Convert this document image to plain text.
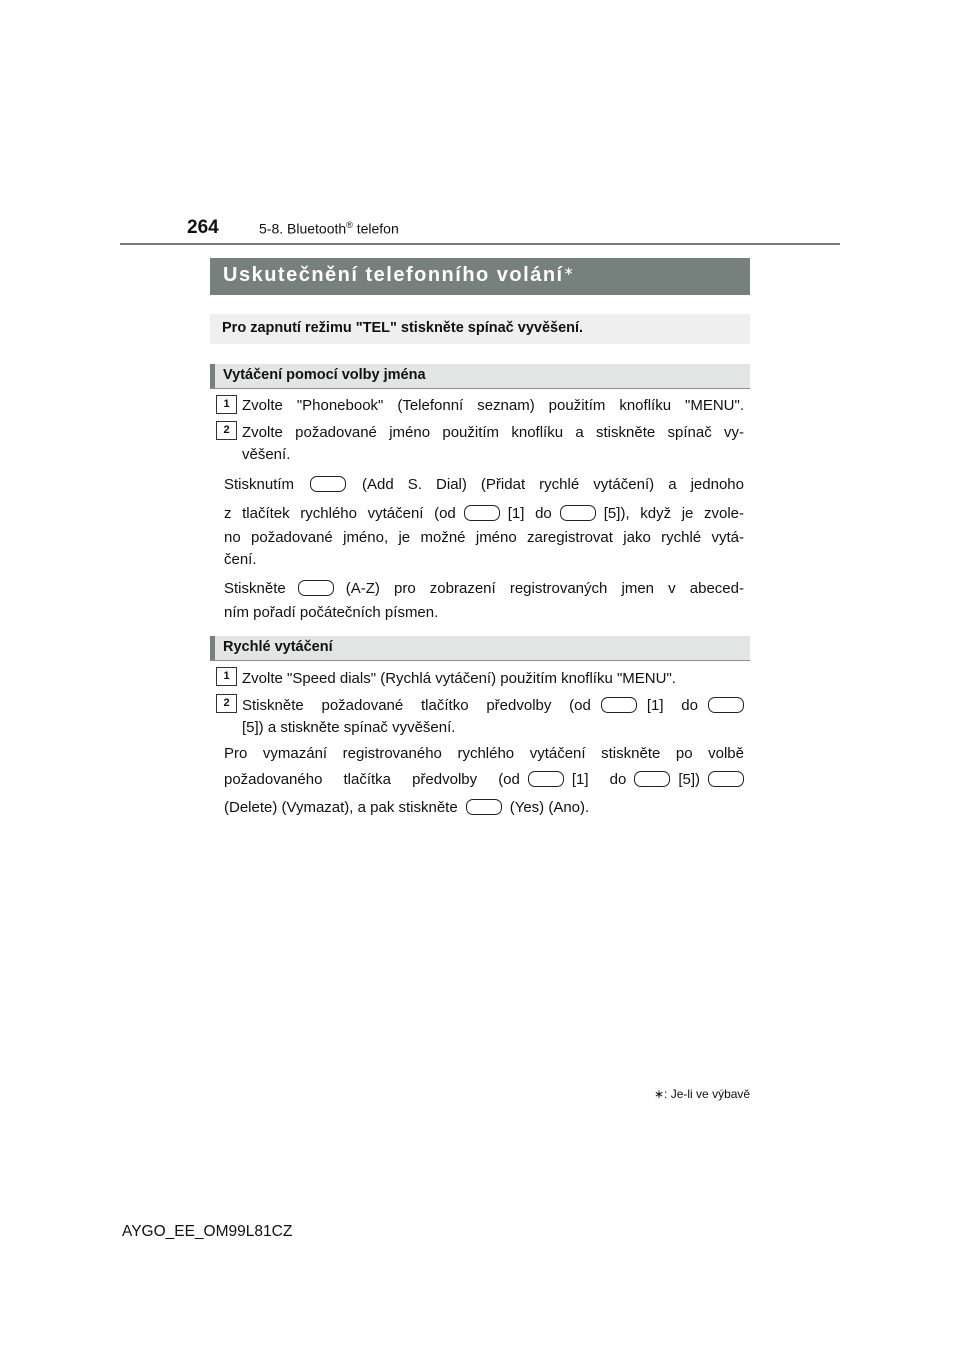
264	5-8. Bluetooth® telefon
Uskutečnění telefonního volání∗
Pro zapnutí režimu "TEL" stiskněte spínač vyvěšení.
Vytáčení pomocí volby jména
1 Zvolte "Phonebook" (Telefonní seznam) použitím knoflíku "MENU".
2 Zvolte požadované jméno použitím knoflíku a stiskněte spínač vy-
věšení.
Stisknutím	(Add S. Dial) (Přidat rychlé vytáčení) a jednoho
z tlačítek rychlého vytáčení (od	[1] do	[5]), když je zvole-
no požadované jméno, je možné jméno zaregistrovat jako rychlé vytá-
čení.
Stiskněte	(A-Z) pro zobrazení registrovaných jmen v abeced-
ním pořadí počátečních písmen.
Rychlé vytáčení
1 Zvolte "Speed dials" (Rychlá vytáčení) použitím knoflíku "MENU".
2 Stiskněte požadované tlačítko předvolby (od	[1] do
[5]) a stiskněte spínač vyvěšení.
Pro vymazání registrovaného rychlého vytáčení stiskněte po volbě
požadovaného tlačítka předvolby (od	[1] do	[5])
(Delete) (Vymazat), a pak stiskněte	(Yes) (Ano).
∗: Je-li ve výbavě
AYGO_EE_OM99L81CZ
